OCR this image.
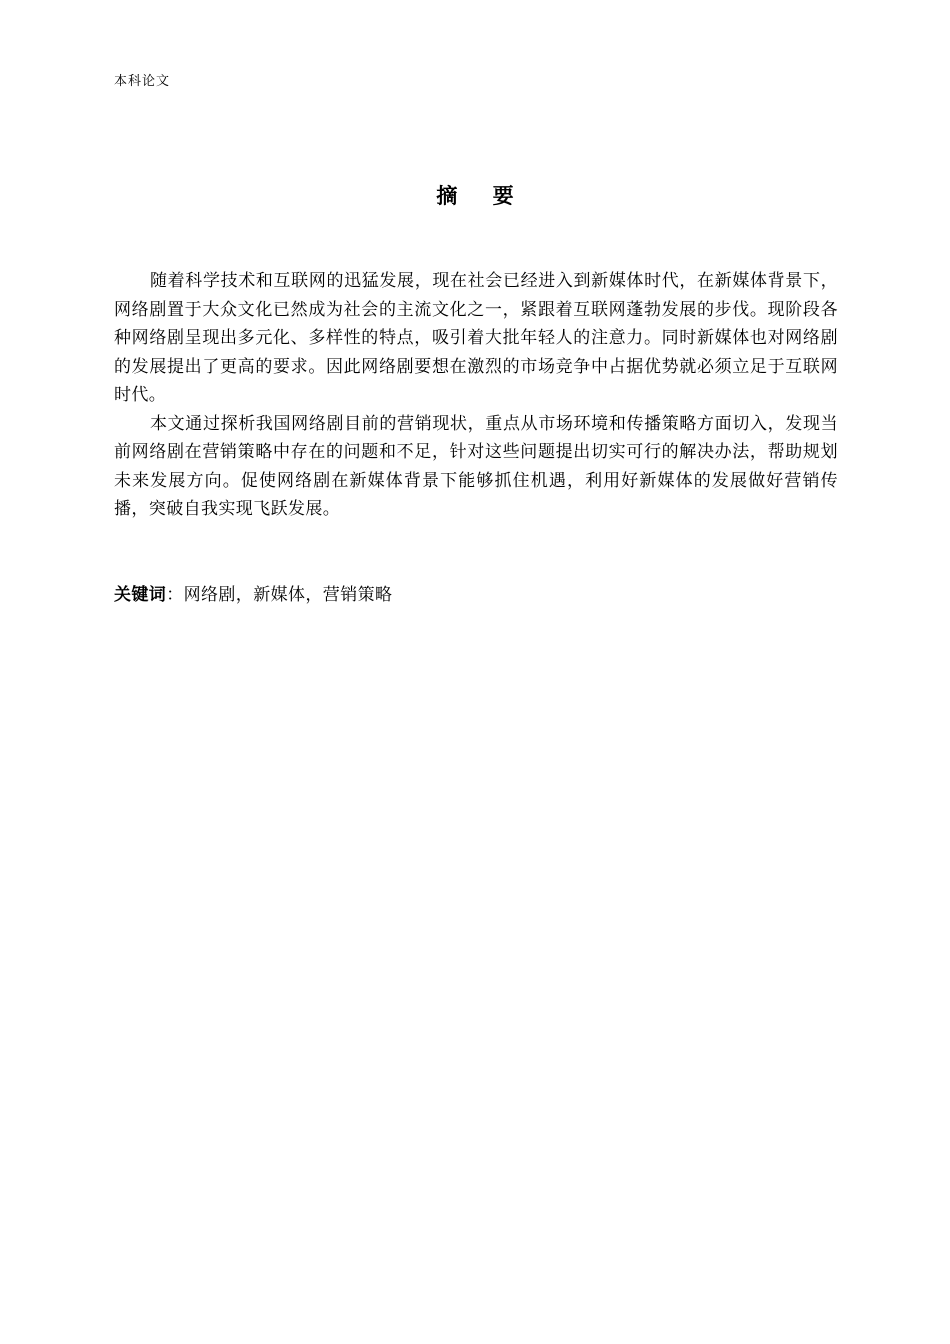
本科论文
摘 要

随着科学技术和互联网的迅猛发展，现在社会已经进入到新媒体时代，在新媒体背景下，网络剧置于大众文化已然成为社会的主流文化之一，紧跟着互联网蓬勃发展的步伐。现阶段各种网络剧呈现出多元化、多样性的特点，吸引着大批年轻人的注意力。同时新媒体也对网络剧的发展提出了更高的要求。因此网络剧要想在激烈的市场竞争中占据优势就必须立足于互联网时代。

本文通过探析我国网络剧目前的营销现状，重点从市场环境和传播策略方面切入，发现当前网络剧在营销策略中存在的问题和不足，针对这些问题提出切实可行的解决办法，帮助规划未来发展方向。促使网络剧在新媒体背景下能够抓住机遇，利用好新媒体的发展做好营销传播，突破自我实现飞跃发展。

关键词：网络剧，新媒体，营销策略
